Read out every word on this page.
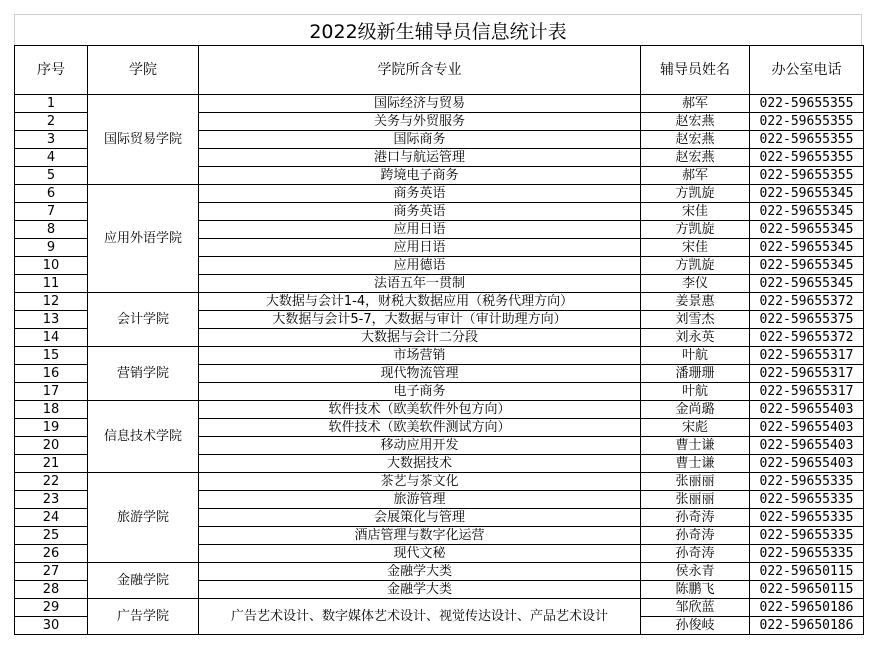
2022级新生辅导员信息统计表
序号	学院	学院所含专业	辅导员姓名	办公室电话
1	国际贸易学院	国际经济与贸易	郝军	022-59655355
2		关务与外贸服务	赵宏燕	022-59655355
3		国际商务	赵宏燕	022-59655355
4		港口与航运管理	赵宏燕	022-59655355
5		跨境电子商务	郝军	022-59655355
6	应用外语学院	商务英语	方凯旋	022-59655345
7		商务英语	宋佳	022-59655345
8		应用日语	方凯旋	022-59655345
9		应用日语	宋佳	022-59655345
10		应用德语	方凯旋	022-59655345
11		法语五年一贯制	李仪	022-59655345
12	会计学院	大数据与会计1-4，财税大数据应用（税务代理方向）	姜景惠	022-59655372
13		大数据与会计5-7，大数据与审计（审计助理方向）	刘雪杰	022-59655375
14		大数据与会计二分段	刘永英	022-59655372
15	营销学院	市场营销	叶航	022-59655317
16		现代物流管理	潘珊珊	022-59655317
17		电子商务	叶航	022-59655317
18	信息技术学院	软件技术（欧美软件外包方向）	金尚璐	022-59655403
19		软件技术（欧美软件测试方向）	宋彪	022-59655403
20		移动应用开发	曹士谦	022-59655403
21		大数据技术	曹士谦	022-59655403
22	旅游学院	茶艺与茶文化	张丽丽	022-59655335
23		旅游管理	张丽丽	022-59655335
24		会展策化与管理	孙奇涛	022-59655335
25		酒店管理与数字化运营	孙奇涛	022-59655335
26		现代文秘	孙奇涛	022-59655335
27	金融学院	金融学大类	侯永青	022-59650115
28		金融学大类	陈鹏飞	022-59650115
29	广告学院	广告艺术设计、数字媒体艺术设计、视觉传达设计、产品艺术设计	邹欣蓝	022-59650186
30			孙俊岐	022-59650186
